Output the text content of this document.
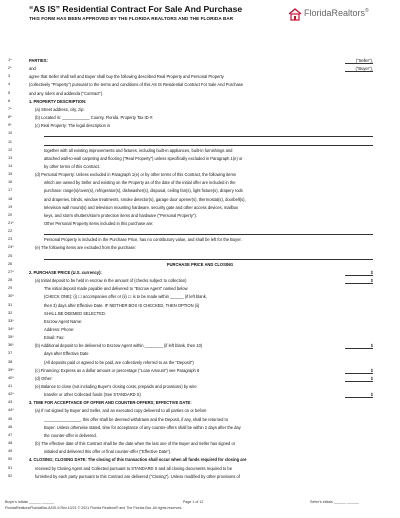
“AS IS” Residential Contract For Sale And Purchase
THIS FORM HAS BEEN APPROVED BY THE FLORIDA REALTORS AND THE FLORIDA BAR
FloridaRealtors®
1*	PARTIES:	("Seller"),
2*	and	("Buyer"),
3	agree that Seller shall sell and Buyer shall buy the following described Real Property and Personal Property
4	(collectively "Property") pursuant to the terms and conditions of this AS IS Residential Contract For Sale And Purchase
5	and any riders and addenda ("Contract").
6	1. PROPERTY DESCRIPTION:
7*	(a) Street address, city, zip:
8*	(b) Located in: ____________ County, Florida. Property Tax ID #:
9*	(c) Real Property: The legal description is
10
11
12	together with all existing improvements and fixtures, including built-in appliances, built-in furnishings and
13	attached wall-to-wall carpeting and flooring ("Real Property") unless specifically excluded in Paragraph 1(e) or
14	by other terms of this Contract.
15	(d) Personal Property: Unless excluded in Paragraph 1(e) or by other terms of this Contract, the following items
16	which are owned by Seller and existing on the Property as of the date of the initial offer are included in the
17	purchase: range(s)/oven(s), refrigerator(s), dishwasher(s), disposal, ceiling fan(s), light fixture(s), drapery rods
18	and draperies, blinds, window treatments, smoke detector(s), garage door opener(s), thermostat(s), doorbell(s),
19	television wall mount(s) and television mounting hardware, security gate and other access devices, mailbox
20	keys, and storm shutters/storm protection items and hardware ("Personal Property").
21*	Other Personal Property items included in this purchase are:
22
23	Personal Property is included in the Purchase Price, has no contributory value, and shall be left for the Buyer.
24*	(e) The following items are excluded from the purchase:
25
26	PURCHASE PRICE AND CLOSING
27*	2. PURCHASE PRICE (U.S. currency):	$
28	(a) Initial deposit to be held in escrow in the amount of (checks subject to collection)	$
29	The initial deposit made payable and delivered to "Escrow Agent" named below
30*	(CHECK ONE): (i) ☐ accompanies offer or (ii) ☐ is to be made within ______ (if left blank,
31	then 3) days after Effective Date. IF NEITHER BOX IS CHECKED, THEN OPTION (ii)
32	SHALL BE DEEMED SELECTED.
33*	Escrow Agent Name:
34*	Address: Phone:
35*	Email: Fax:
36*	(b) Additional deposit to be delivered to Escrow Agent within ________ (if left blank, then 10)	$
37	days after Effective Date
38	(All deposits paid or agreed to be paid, are collectively referred to as the "Deposit")
39*	(c) Financing: Express as a dollar amount or percentage ("Loan Amount") see Paragraph 8	$
40*	(d) Other:	$
41	(e) Balance to close (not including Buyer's closing costs, prepaids and prorations) by wire
42*	transfer or other Collected funds (See STANDARD S)	$
43	3. TIME FOR ACCEPTANCE OF OFFER AND COUNTER-OFFERS; EFFECTIVE DATE:
44*	(a) If not signed by Buyer and Seller, and an executed copy delivered to all parties on or before
45	________________, this offer shall be deemed withdrawn and the Deposit, if any, shall be returned to
46	Buyer. Unless otherwise stated, time for acceptance of any counter-offers shall be within 2 days after the day
47	the counter-offer is delivered.
48	(b) The effective date of this Contract shall be the date when the last one of the Buyer and Seller has signed or
49	initialed and delivered this offer or final counter-offer ("Effective Date").
50	4. CLOSING; CLOSING DATE: The closing of this transaction shall occur when all funds required for closing are
51	received by Closing Agent and Collected pursuant to STANDARD S and all closing documents required to be
52	furnished by each party pursuant to this Contract are delivered ("Closing"). Unless modified by other provisions of
Buyer's Initials ______ ______	Page 1 of 12	Seller's Initials ______ ______
FloridaRealtors/FloridaBar-ASIS-6 Rev.10/21 © 2021 Florida Realtors® and The Florida Bar. All rights reserved.
